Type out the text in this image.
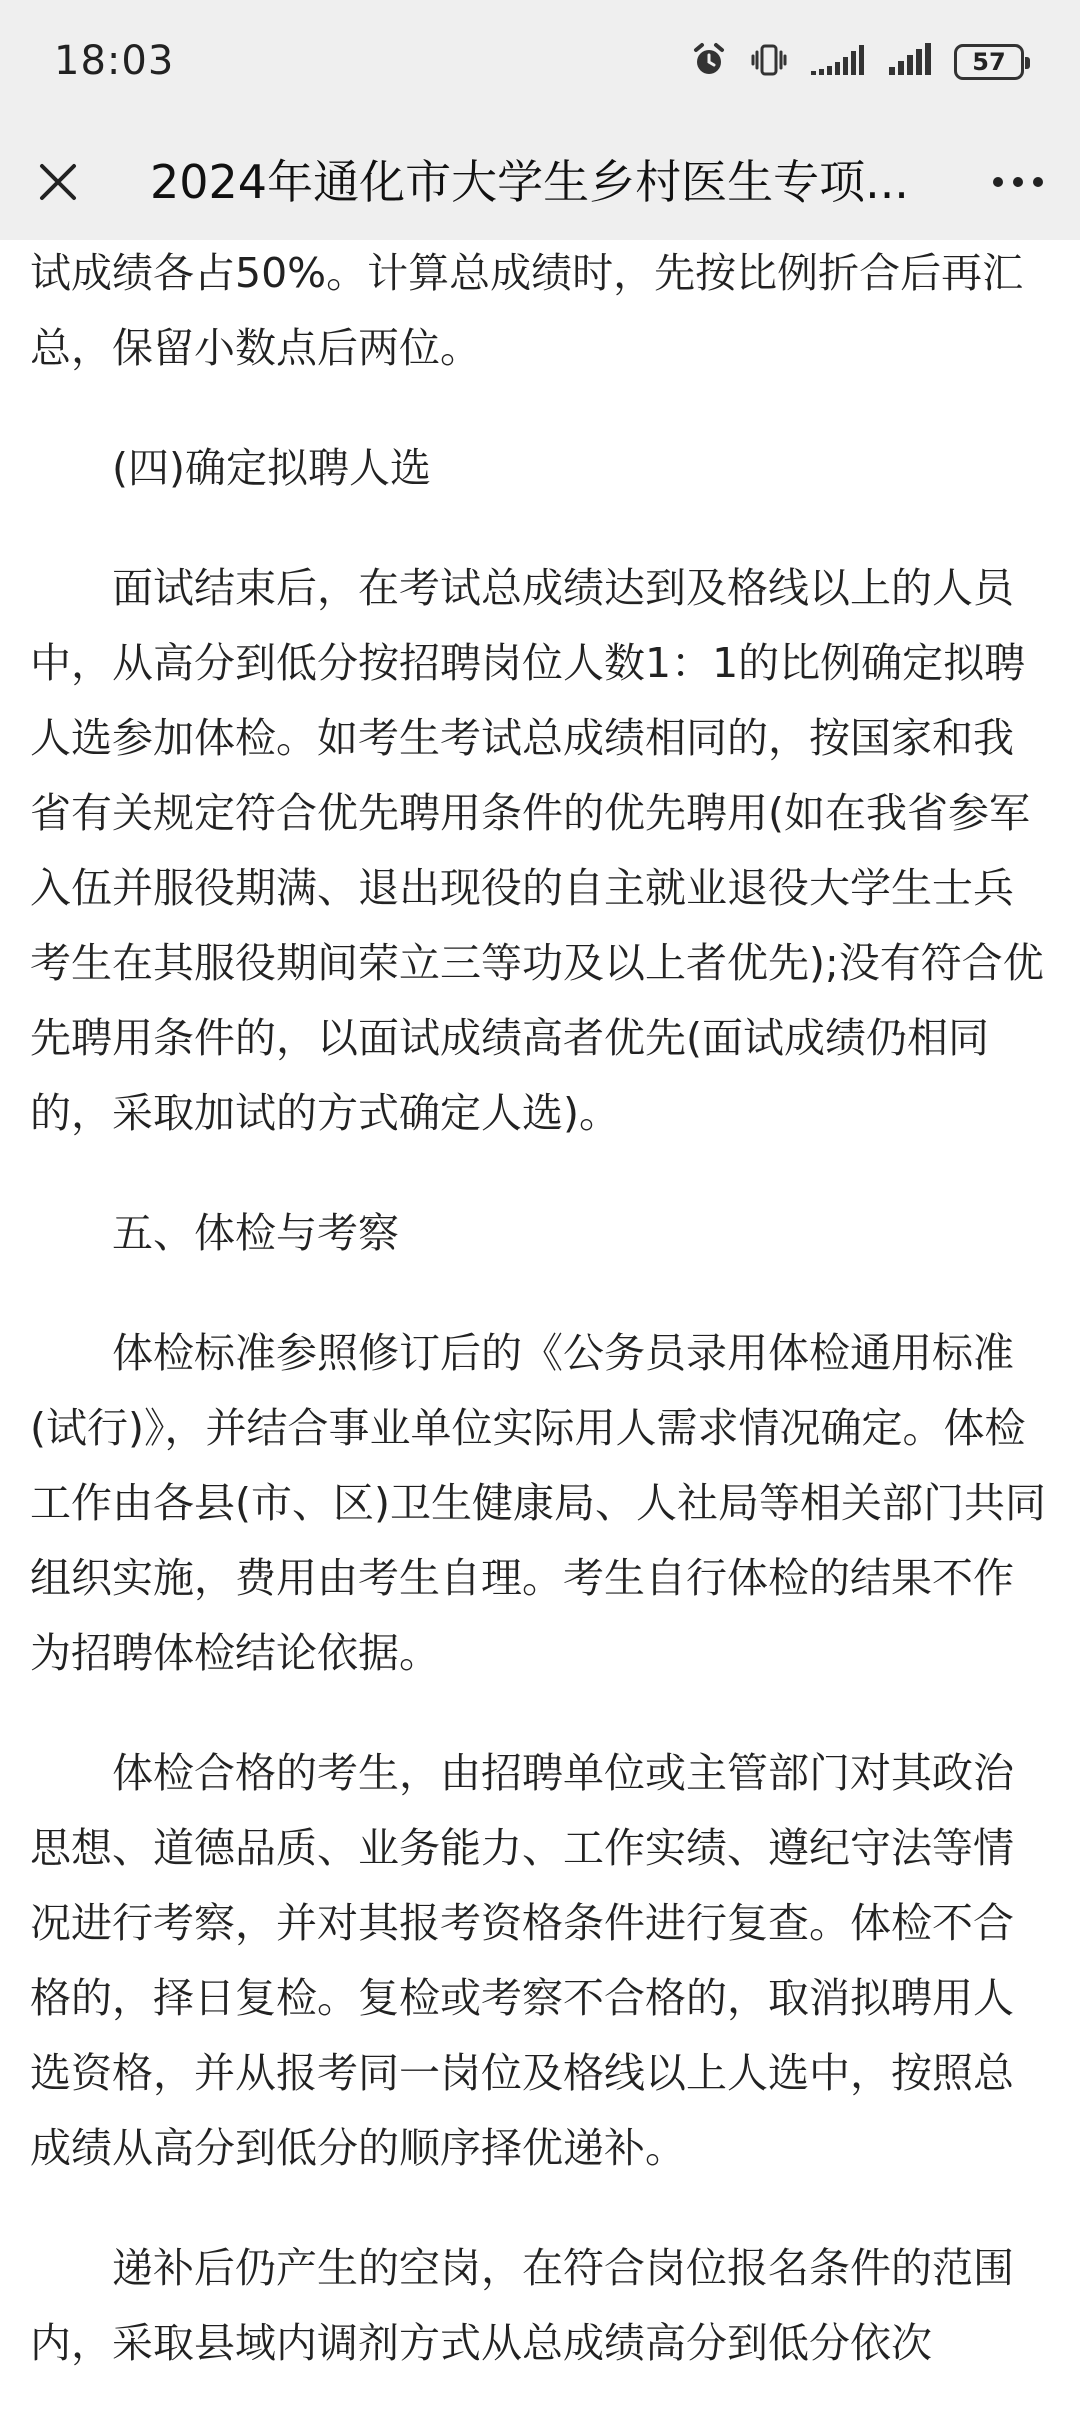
18:03	57
2024年通化市大学生乡村医生专项...

试成绩各占50%。计算总成绩时，先按比例折合后再汇总，保留小数点后两位。

(四)确定拟聘人选

面试结束后，在考试总成绩达到及格线以上的人员中，从高分到低分按招聘岗位人数1：1的比例确定拟聘人选参加体检。如考生考试总成绩相同的，按国家和我省有关规定符合优先聘用条件的优先聘用(如在我省参军入伍并服役期满、退出现役的自主就业退役大学生士兵考生在其服役期间荣立三等功及以上者优先);没有符合优先聘用条件的，以面试成绩高者优先(面试成绩仍相同的，采取加试的方式确定人选)。

五、体检与考察

体检标准参照修订后的《公务员录用体检通用标准(试行)》，并结合事业单位实际用人需求情况确定。体检工作由各县(市、区)卫生健康局、人社局等相关部门共同组织实施，费用由考生自理。考生自行体检的结果不作为招聘体检结论依据。

体检合格的考生，由招聘单位或主管部门对其政治思想、道德品质、业务能力、工作实绩、遵纪守法等情况进行考察，并对其报考资格条件进行复查。体检不合格的，择日复检。复检或考察不合格的，取消拟聘用人选资格，并从报考同一岗位及格线以上人选中，按照总成绩从高分到低分的顺序择优递补。

递补后仍产生的空岗，在符合岗位报名条件的范围内，采取县域内调剂方式从总成绩高分到低分依次
